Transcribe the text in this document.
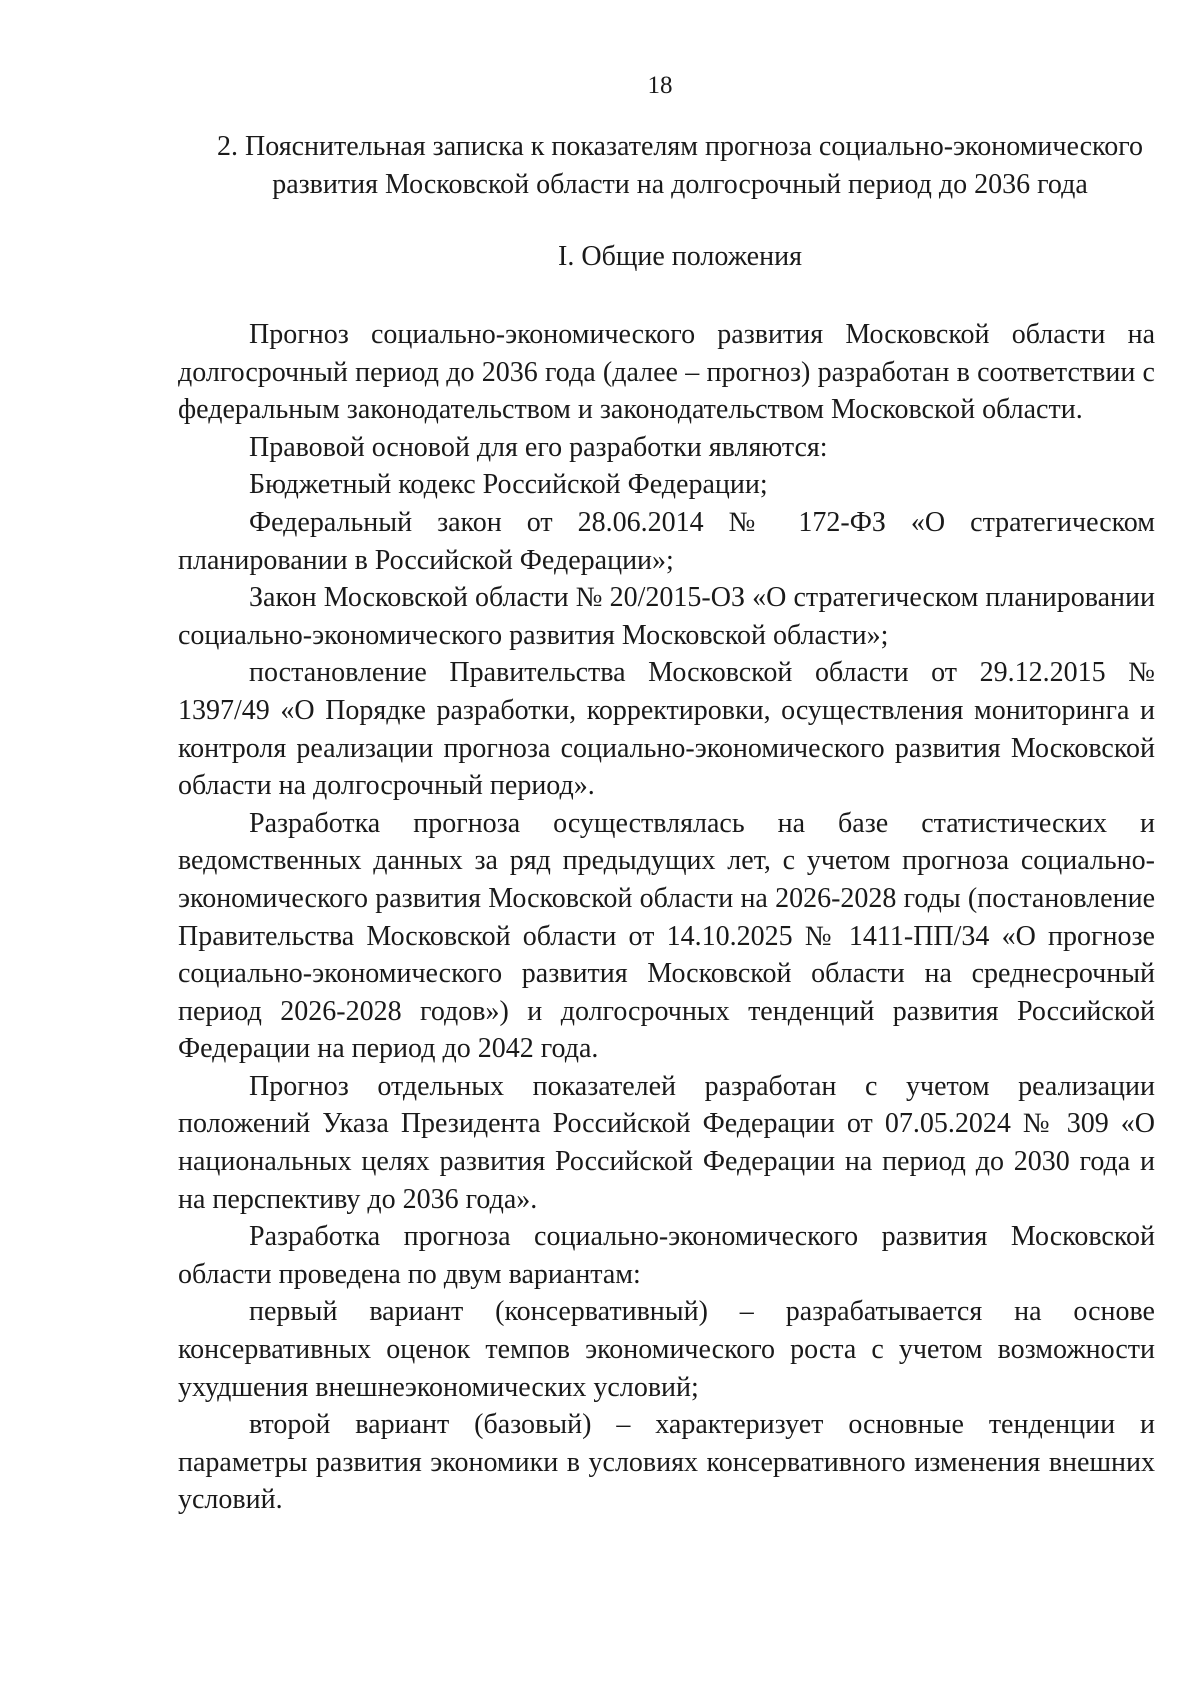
18
2. Пояснительная записка к показателям прогноза социально-экономического
развития Московской области на долгосрочный период до 2036 года
I. Общие положения

Прогноз социально-экономического развития Московской области на долгосрочный период до 2036 года (далее – прогноз) разработан в соответствии с федеральным законодательством и законодательством Московской области.

Правовой основой для его разработки являются:

Бюджетный кодекс Российской Федерации;

Федеральный закон от 28.06.2014 № 172-ФЗ «О стратегическом планировании в Российской Федерации»;

Закон Московской области № 20/2015-ОЗ «О стратегическом планировании социально-экономического развития Московской области»;

постановление Правительства Московской области от 29.12.2015 № 1397/49 «О Порядке разработки, корректировки, осуществления мониторинга и контроля реализации прогноза социально-экономического развития Московской области на долгосрочный период».

Разработка прогноза осуществлялась на базе статистических и ведомственных данных за ряд предыдущих лет, с учетом прогноза социально-экономического развития Московской области на 2026-2028 годы (постановление Правительства Московской области от 14.10.2025 № 1411-ПП/34 «О прогнозе социально-экономического развития Московской области на среднесрочный период 2026-2028 годов») и долгосрочных тенденций развития Российской Федерации на период до 2042 года.

Прогноз отдельных показателей разработан с учетом реализации положений Указа Президента Российской Федерации от 07.05.2024 № 309 «О национальных целях развития Российской Федерации на период до 2030 года и на перспективу до 2036 года».

Разработка прогноза социально-экономического развития Московской области проведена по двум вариантам:

первый вариант (консервативный) – разрабатывается на основе консервативных оценок темпов экономического роста с учетом возможности ухудшения внешнеэкономических условий;

второй вариант (базовый) – характеризует основные тенденции и параметры развития экономики в условиях консервативного изменения внешних условий.
